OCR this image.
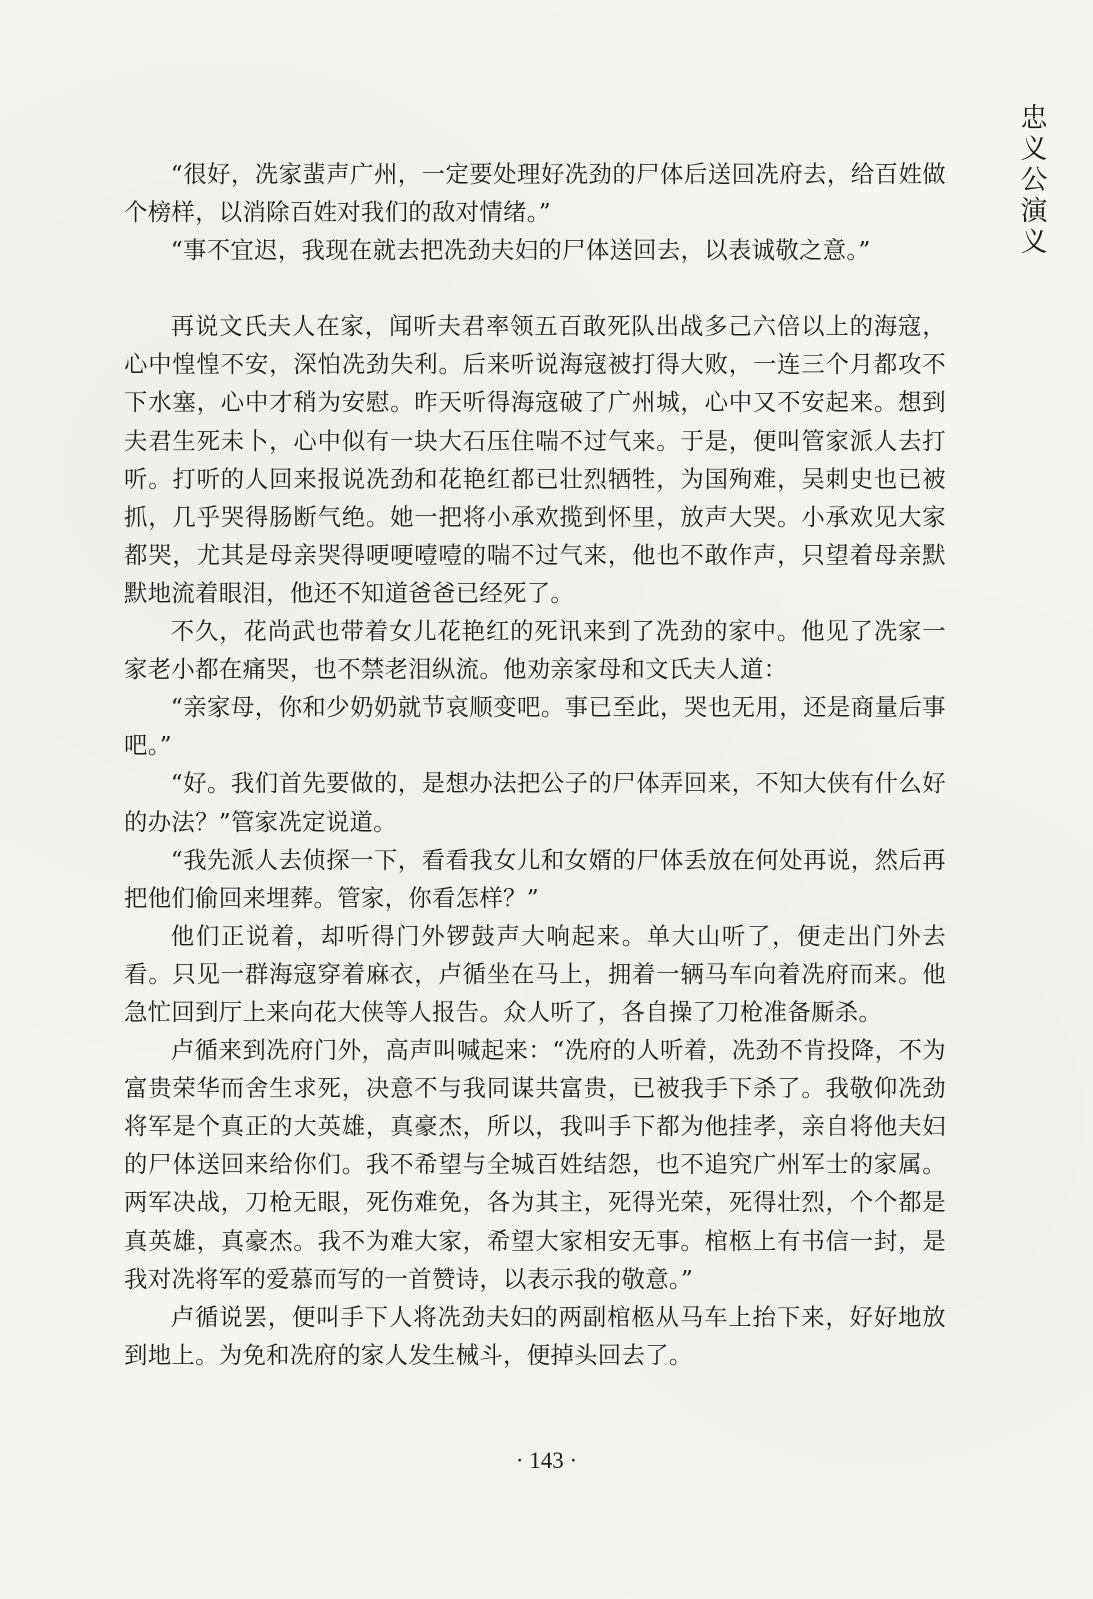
忠义公演义

“很好，冼家蜚声广州，一定要处理好冼劲的尸体后送回冼府去，给百姓做个榜样，以消除百姓对我们的敌对情绪。”

“事不宜迟，我现在就去把冼劲夫妇的尸体送回去，以表诚敬之意。”

再说文氏夫人在家，闻听夫君率领五百敢死队出战多己六倍以上的海寇，心中惶惶不安，深怕冼劲失利。后来听说海寇被打得大败，一连三个月都攻不下水塞，心中才稍为安慰。昨天听得海寇破了广州城，心中又不安起来。想到夫君生死未卜，心中似有一块大石压住喘不过气来。于是，便叫管家派人去打听。打听的人回来报说冼劲和花艳红都已壮烈牺牲，为国殉难，吴刺史也已被抓，几乎哭得肠断气绝。她一把将小承欢揽到怀里，放声大哭。小承欢见大家都哭，尤其是母亲哭得哽哽噎噎的喘不过气来，他也不敢作声，只望着母亲默默地流着眼泪，他还不知道爸爸已经死了。

不久，花尚武也带着女儿花艳红的死讯来到了冼劲的家中。他见了冼家一家老小都在痛哭，也不禁老泪纵流。他劝亲家母和文氏夫人道：

“亲家母，你和少奶奶就节哀顺变吧。事已至此，哭也无用，还是商量后事吧。”

“好。我们首先要做的，是想办法把公子的尸体弄回来，不知大侠有什么好的办法？”管家冼定说道。

“我先派人去侦探一下，看看我女儿和女婿的尸体丢放在何处再说，然后再把他们偷回来埋葬。管家，你看怎样？”

他们正说着，却听得门外锣鼓声大响起来。单大山听了，便走出门外去看。只见一群海寇穿着麻衣，卢循坐在马上，拥着一辆马车向着冼府而来。他急忙回到厅上来向花大侠等人报告。众人听了，各自操了刀枪准备厮杀。

卢循来到冼府门外，高声叫喊起来：“冼府的人听着，冼劲不肯投降，不为富贵荣华而舍生求死，决意不与我同谋共富贵，已被我手下杀了。我敬仰冼劲将军是个真正的大英雄，真豪杰，所以，我叫手下都为他挂孝，亲自将他夫妇的尸体送回来给你们。我不希望与全城百姓结怨，也不追究广州军士的家属。两军决战，刀枪无眼，死伤难免，各为其主，死得光荣，死得壮烈，个个都是真英雄，真豪杰。我不为难大家，希望大家相安无事。棺柩上有书信一封，是我对冼将军的爱慕而写的一首赞诗，以表示我的敬意。”

卢循说罢，便叫手下人将冼劲夫妇的两副棺柩从马车上抬下来，好好地放到地上。为免和冼府的家人发生械斗，便掉头回去了。

· 143 ·
